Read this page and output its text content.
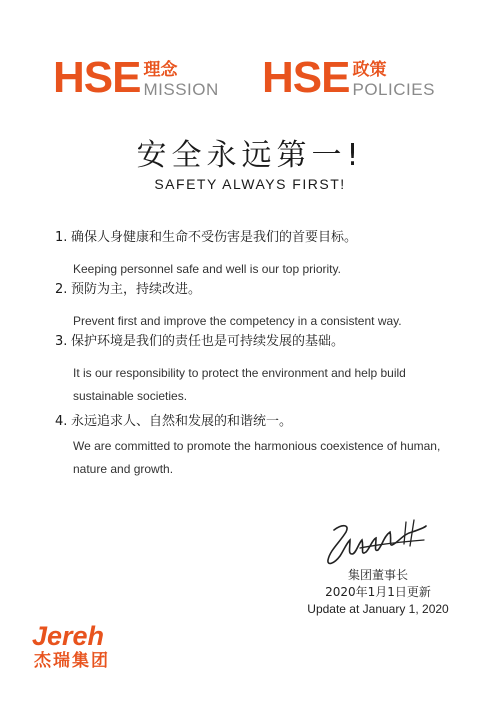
HSE 理念
MISSION HSE 政策
POLICIES
安全永远第一!
SAFETY ALWAYS FIRST!
1. 确保人身健康和生命不受伤害是我们的首要目标。
Keeping personnel safe and well is our top priority.
2. 预防为主，持续改进。
Prevent first and improve the competency in a consistent way.
3. 保护环境是我们的责任也是可持续发展的基础。
It is our responsibility to protect the environment and help build sustainable societies.
4. 永远追求人、自然和发展的和谐统一。
We are committed to promote the harmonious coexistence of human, nature and growth.
集团董事长
2020年1月1日更新
Update at January 1, 2020
Jereh
杰瑞集团
